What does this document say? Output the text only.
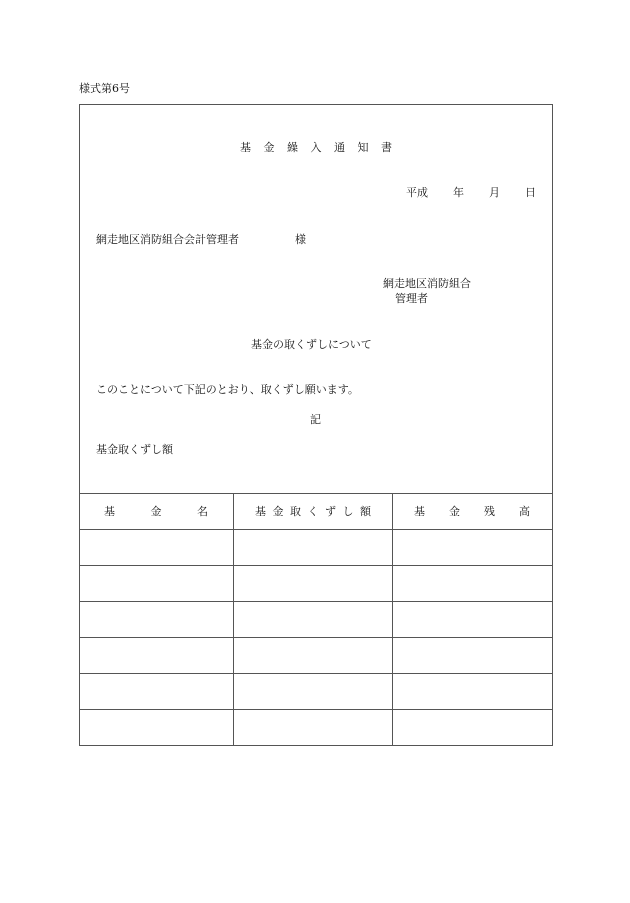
様式第6号
基金繰入通知書
平成 年 月 日
網走地区消防組合会計管理者	様
網走地区消防組合
管理者
基金の取くずしについて
このことについて下記のとおり、取くずし願います。
記
基金取くずし額
基金名	基金取くずし額	基金残高
